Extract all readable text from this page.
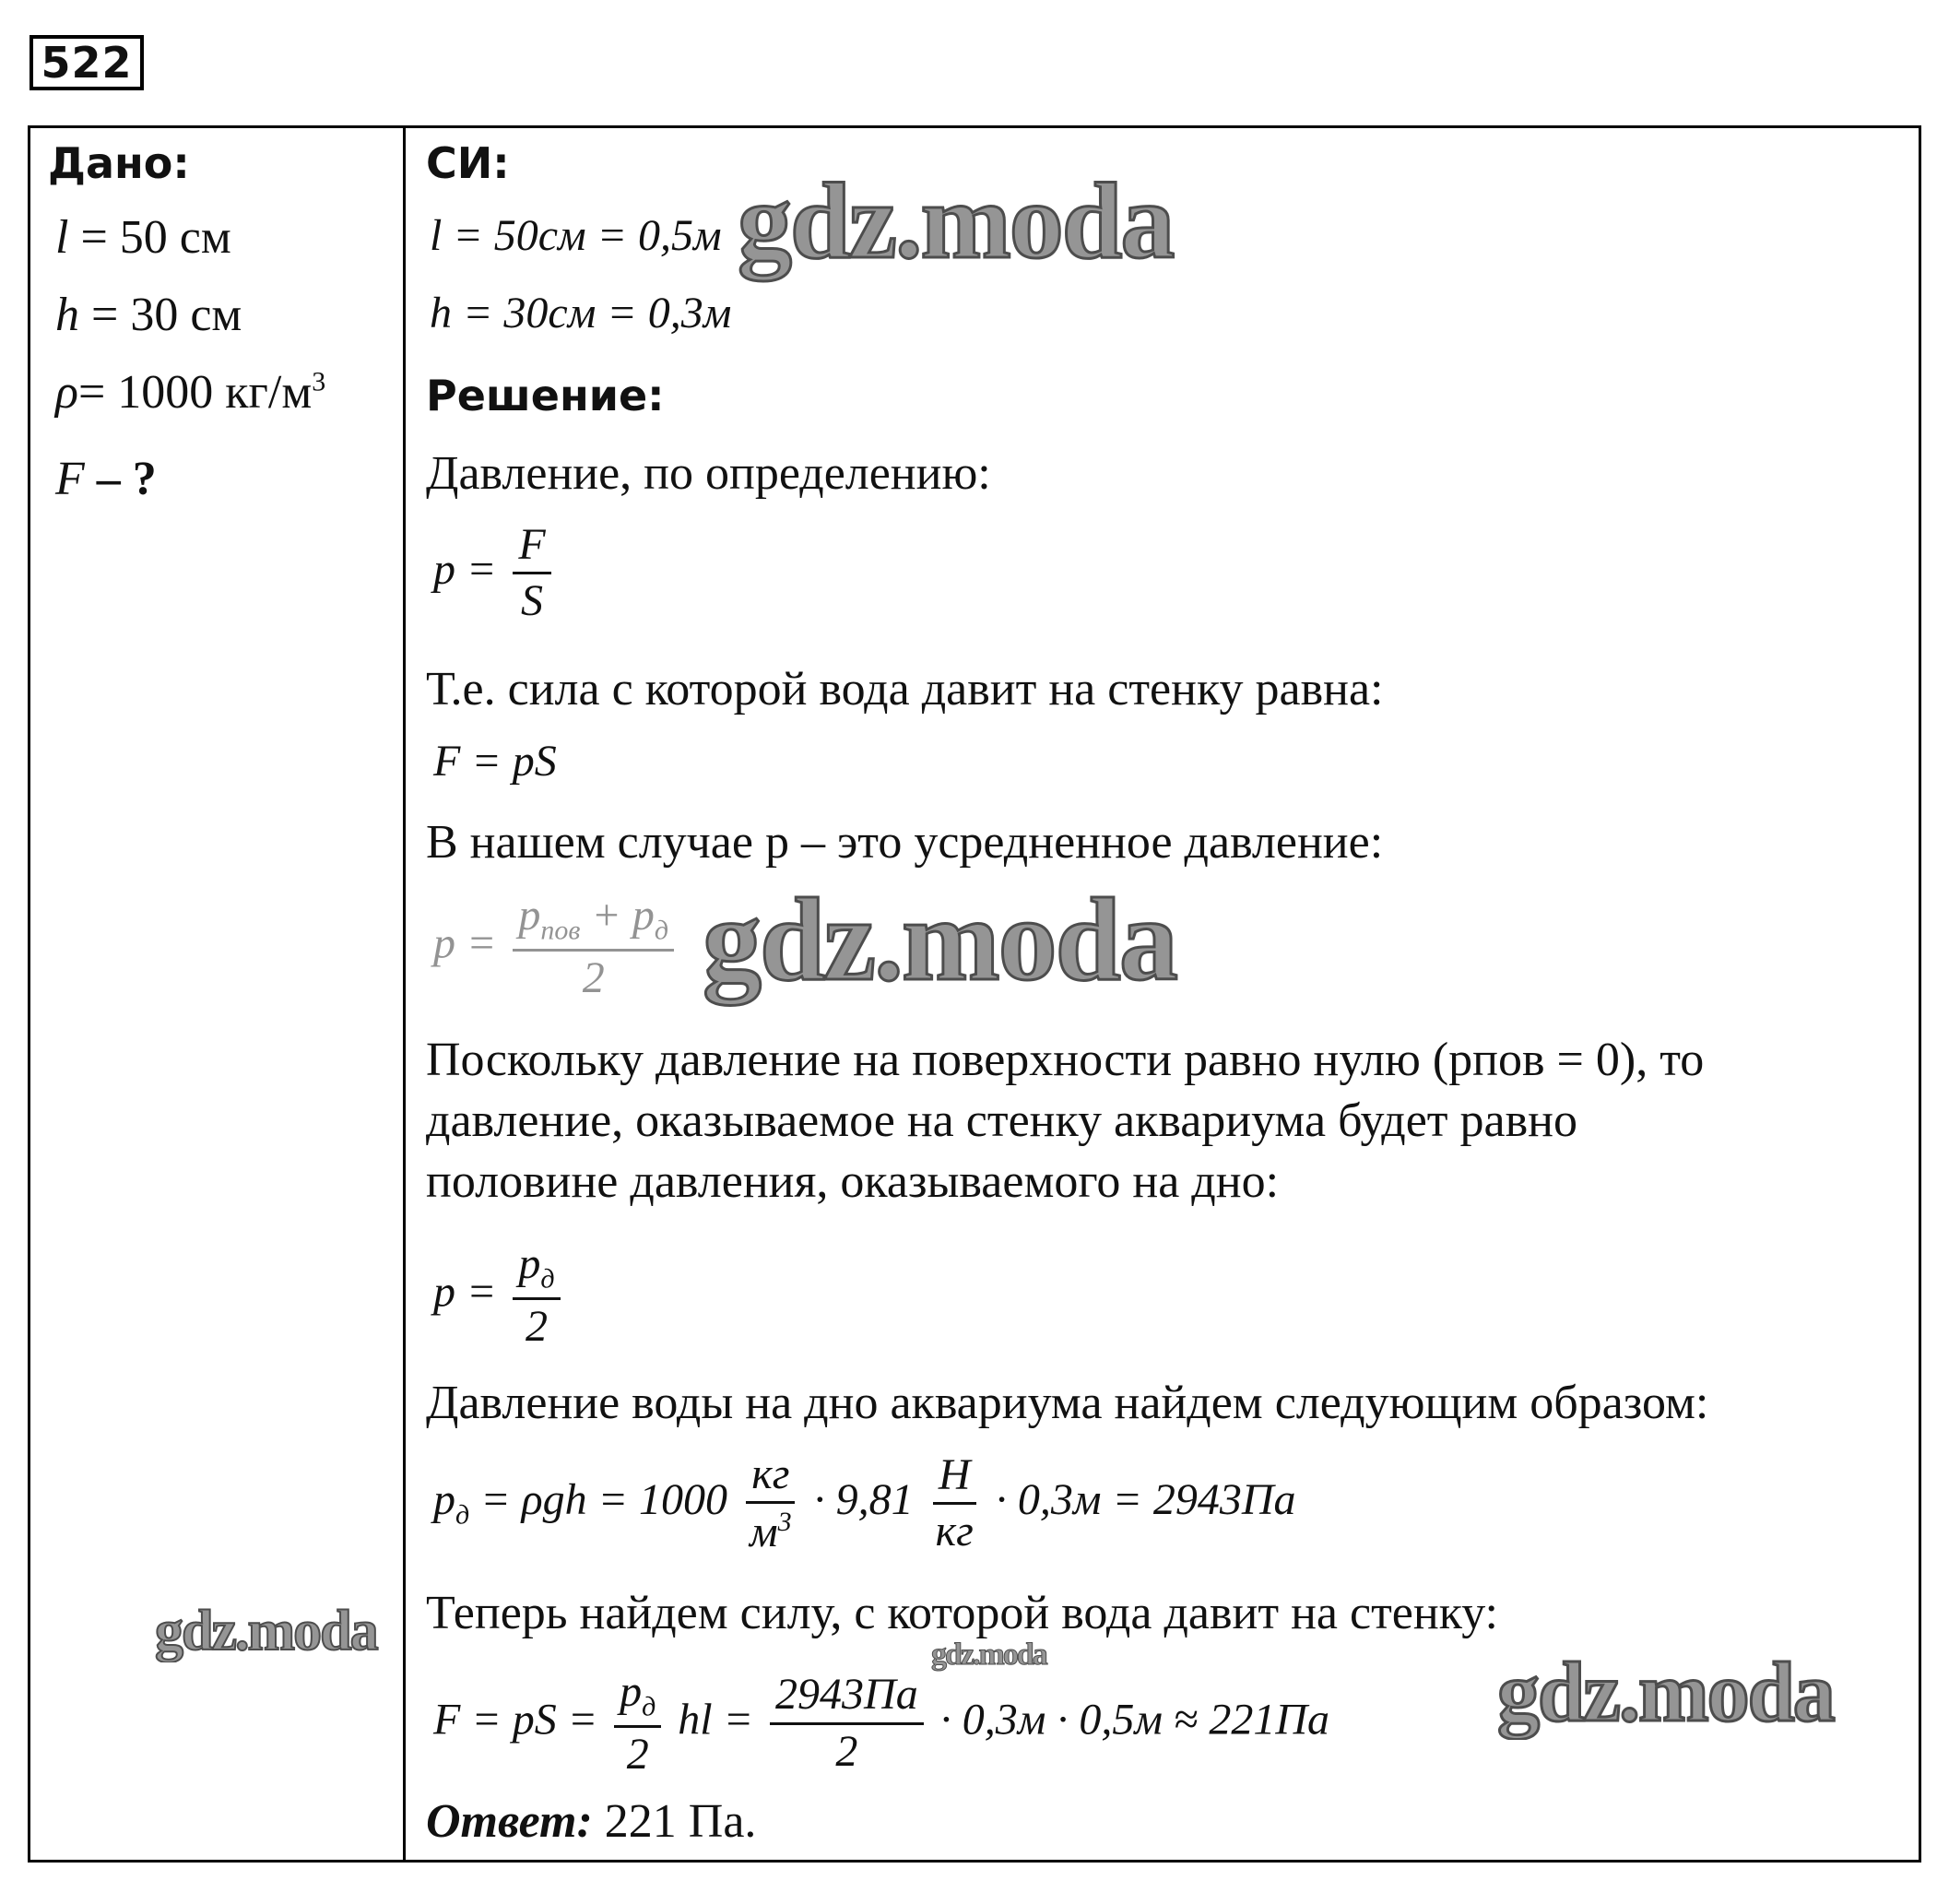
522
Дано:
l = 50 см
h = 30 см
ρ= 1000 $кг/м^3$
F – ?
СИ:
l = 50см = 0,5м
h = 30см = 0,3м
Решение:
Давление, по определению:
$p = \frac{F}{S}$
Т.е. сила с которой вода давит на стенку равна:
F = pS
В нашем случае p – это усредненное давление:
$p = \frac{p_{пов} + p_д}{2}$
Поскольку давление на поверхности равно нулю (pпов = 0), то
давление, оказываемое на стенку аквариума будет равно
половине давления, оказываемого на дно:
$p = \frac{p_д}{2}$
Давление воды на дно аквариума найдем следующим образом:
$p_д = \rho gh = 1000 \frac{кг}{м^3} \cdot 9,81 \frac{Н}{кг} \cdot 0,3м = 2943Па$
Теперь найдем силу, с которой вода давит на стенку:
F = pS = $\frac{p_д}{2}$ hl = $\frac{2943Па}{2} \cdot 0,3м \cdot 0,5м \approx 221Па$
Ответ: 221 Па.
gdz.moda
gdz.moda
gdz.moda	gdz.moda	gdz.moda
